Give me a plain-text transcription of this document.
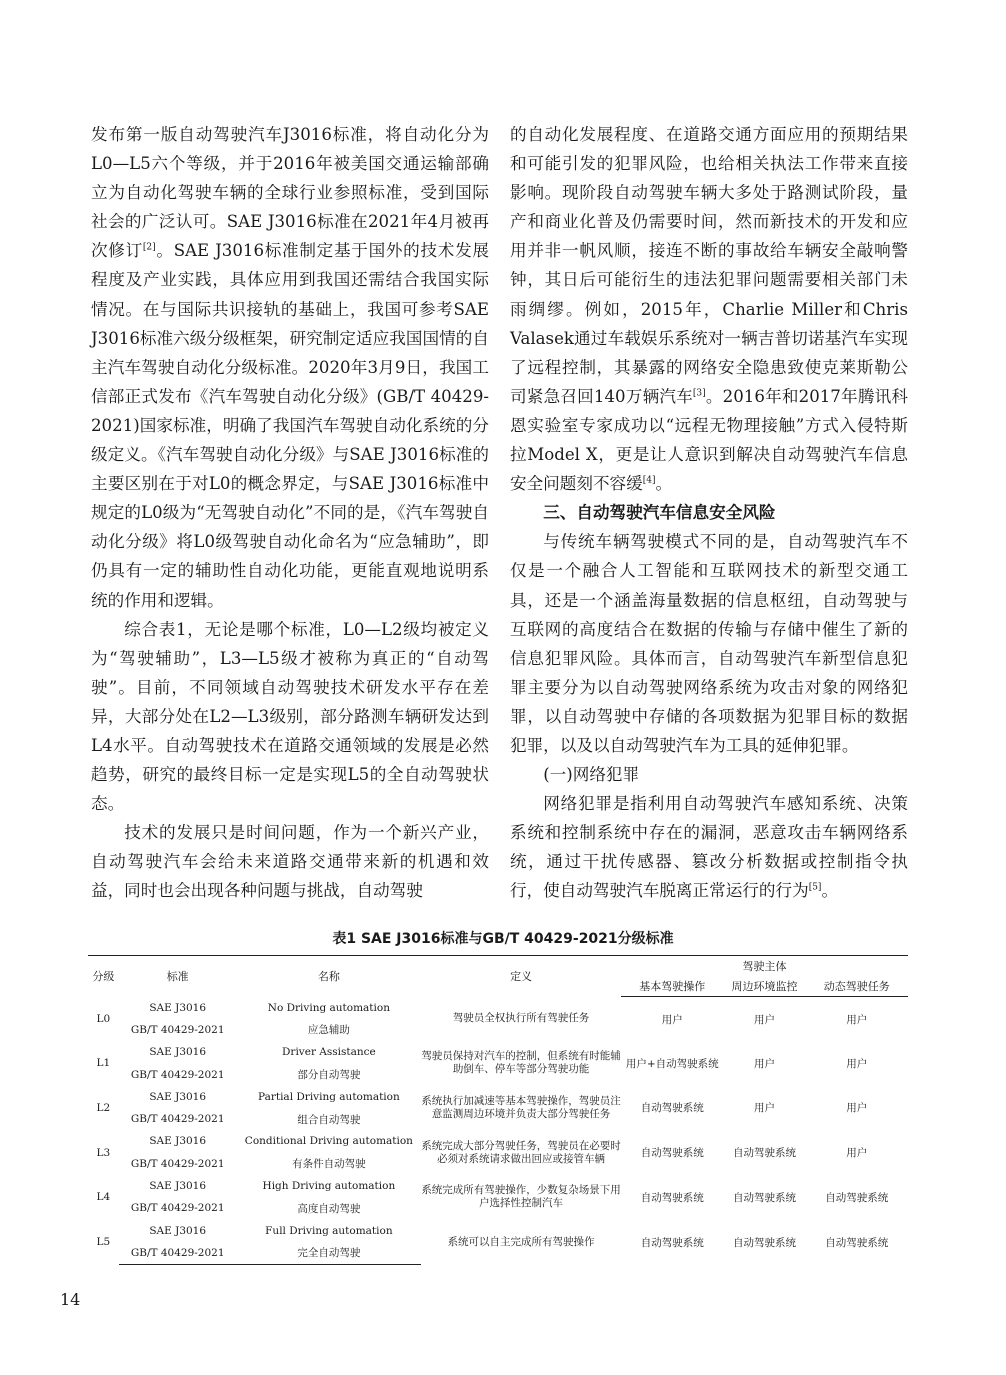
发布第一版自动驾驶汽车J3016标准，将自动化分为L0—L5六个等级，并于2016年被美国交通运输部确立为自动化驾驶车辆的全球行业参照标准，受到国际社会的广泛认可。SAE J3016标准在2021年4月被再次修订[2]。SAE J3016标准制定基于国外的技术发展程度及产业实践，具体应用到我国还需结合我国实际情况。在与国际共识接轨的基础上，我国可参考SAE J3016标准六级分级框架，研究制定适应我国国情的自主汽车驾驶自动化分级标准。2020年3月9日，我国工信部正式发布《汽车驾驶自动化分级》(GB/T 40429-2021)国家标准，明确了我国汽车驾驶自动化系统的分级定义。《汽车驾驶自动化分级》与SAE J3016标准的主要区别在于对L0的概念界定，与SAE J3016标准中规定的L0级为“无驾驶自动化”不同的是，《汽车驾驶自动化分级》将L0级驾驶自动化命名为“应急辅助”，即仍具有一定的辅助性自动化功能，更能直观地说明系统的作用和逻辑。

综合表1，无论是哪个标准，L0—L2级均被定义为“驾驶辅助”，L3—L5级才被称为真正的“自动驾驶”。目前，不同领域自动驾驶技术研发水平存在差异，大部分处在L2—L3级别，部分路测车辆研发达到L4水平。自动驾驶技术在道路交通领域的发展是必然趋势，研究的最终目标一定是实现L5的全自动驾驶状态。

技术的发展只是时间问题，作为一个新兴产业，自动驾驶汽车会给未来道路交通带来新的机遇和效益，同时也会出现各种问题与挑战，自动驾驶

的自动化发展程度、在道路交通方面应用的预期结果和可能引发的犯罪风险，也给相关执法工作带来直接影响。现阶段自动驾驶车辆大多处于路测试阶段，量产和商业化普及仍需要时间，然而新技术的开发和应用并非一帆风顺，接连不断的事故给车辆安全敲响警钟，其日后可能衍生的违法犯罪问题需要相关部门未雨绸缪。例如，2015年，Charlie Miller和Chris Valasek通过车载娱乐系统对一辆吉普切诺基汽车实现了远程控制，其暴露的网络安全隐患致使克莱斯勒公司紧急召回140万辆汽车[3]。2016年和2017年腾讯科恩实验室专家成功以“远程无物理接触”方式入侵特斯拉Model X，更是让人意识到解决自动驾驶汽车信息安全问题刻不容缓[4]。

三、自动驾驶汽车信息安全风险

与传统车辆驾驶模式不同的是，自动驾驶汽车不仅是一个融合人工智能和互联网技术的新型交通工具，还是一个涵盖海量数据的信息枢纽，自动驾驶与互联网的高度结合在数据的传输与存储中催生了新的信息犯罪风险。具体而言，自动驾驶汽车新型信息犯罪主要分为以自动驾驶网络系统为攻击对象的网络犯罪，以自动驾驶中存储的各项数据为犯罪目标的数据犯罪，以及以自动驾驶汽车为工具的延伸犯罪。

(一)网络犯罪

网络犯罪是指利用自动驾驶汽车感知系统、决策系统和控制系统中存在的漏洞，恶意攻击车辆网络系统，通过干扰传感器、篡改分析数据或控制指令执行，使自动驾驶汽车脱离正常运行的行为[5]。

表1 SAE J3016标准与GB/T 40429-2021分级标准
分级	标准	名称	定义		驾驶主体	
				基本驾驶操作	周边环境监控	动态驾驶任务
L0	SAE J3016	No Driving automation	驾驶员全权执行所有驾驶任务	用户	用户	用户
	GB/T 40429-2021	应急辅助				
L1	SAE J3016	Driver Assistance	驾驶员保持对汽车的控制，但系统有时能辅助倒车、停车等部分驾驶功能	用户+自动驾驶系统	用户	用户
	GB/T 40429-2021	部分自动驾驶				
L2	SAE J3016	Partial Driving automation	系统执行加减速等基本驾驶操作，驾驶员注意监测周边环境并负责大部分驾驶任务	自动驾驶系统	用户	用户
	GB/T 40429-2021	组合自动驾驶				
L3	SAE J3016	Conditional Driving automation	系统完成大部分驾驶任务，驾驶员在必要时必须对系统请求做出回应或接管车辆	自动驾驶系统	自动驾驶系统	用户
	GB/T 40429-2021	有条件自动驾驶				
L4	SAE J3016	High Driving automation	系统完成所有驾驶操作，少数复杂场景下用户选择性控制汽车	自动驾驶系统	自动驾驶系统	自动驾驶系统
	GB/T 40429-2021	高度自动驾驶				
L5	SAE J3016	Full Driving automation	系统可以自主完成所有驾驶操作	自动驾驶系统	自动驾驶系统	自动驾驶系统
	GB/T 40429-2021	完全自动驾驶				
14
